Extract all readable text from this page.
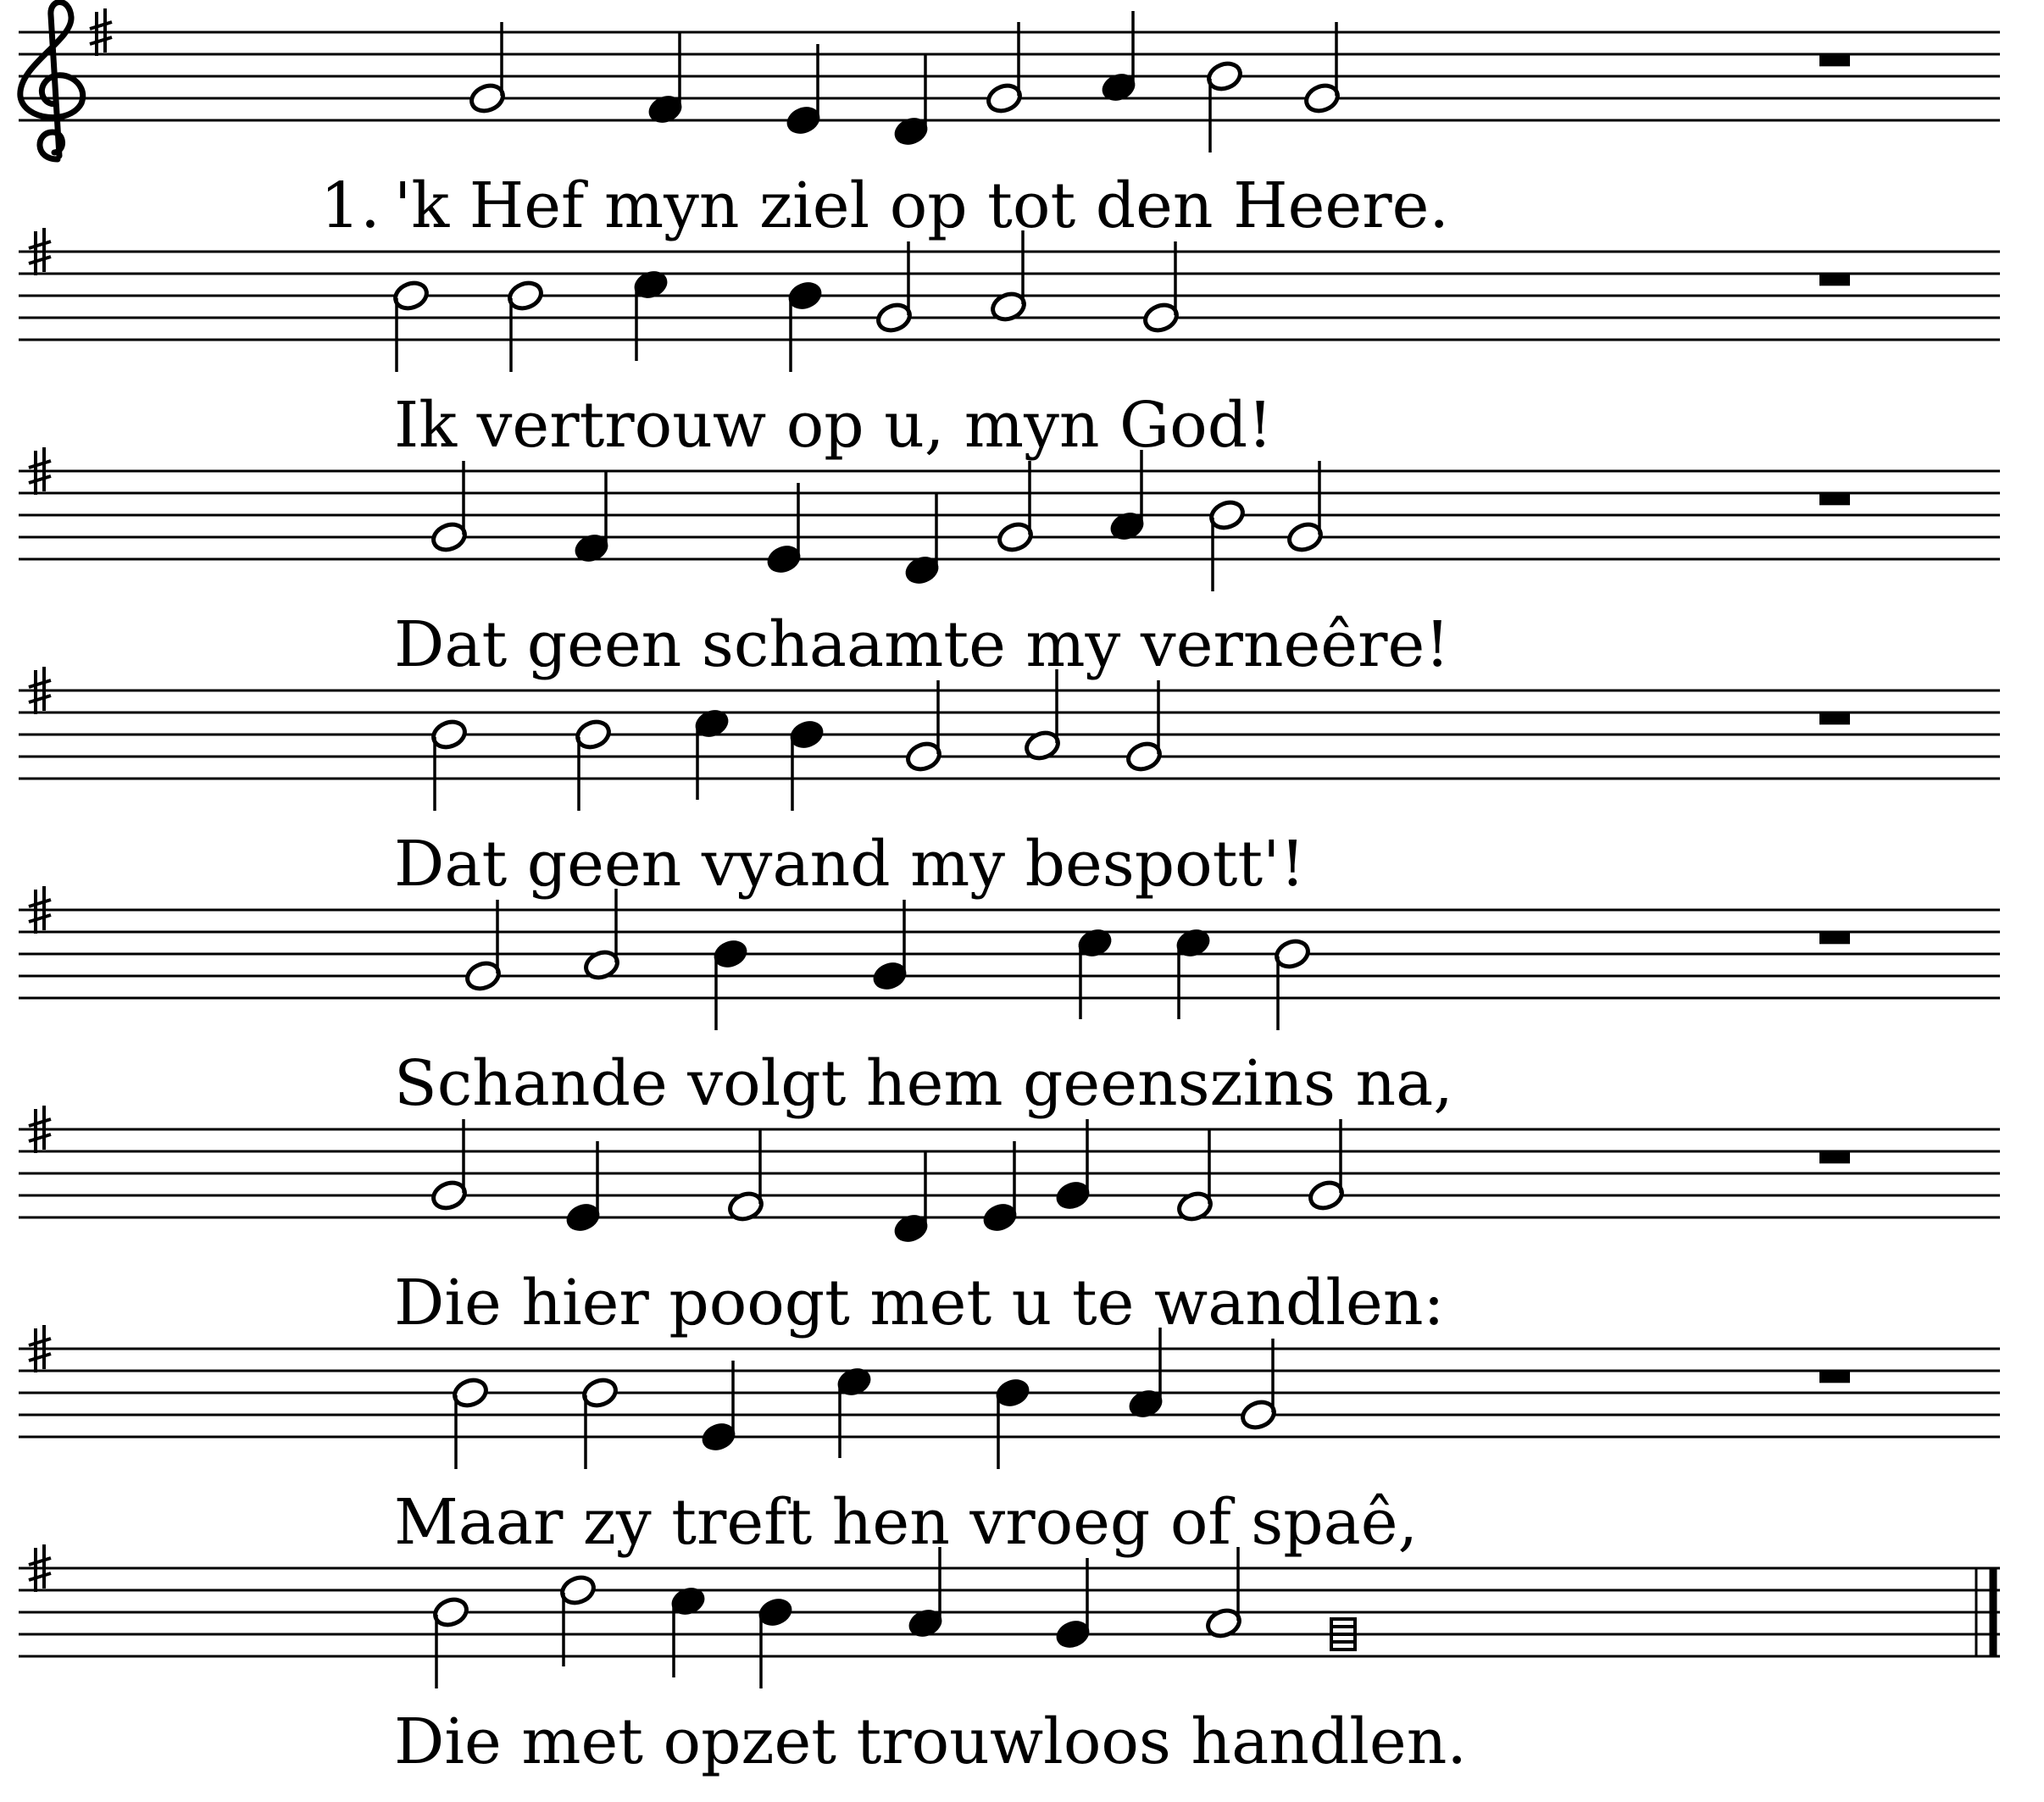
1. 'k Hef myn ziel op tot den Heere.
Ik vertrouw op u, myn God!
Dat geen schaamte my verneêre!
Dat geen vyand my bespott'!
Schande volgt hem geenszins na,
Die hier poogt met u te wandlen:
Maar zy treft hen vroeg of spaê,
Die met opzet trouwloos handlen.
